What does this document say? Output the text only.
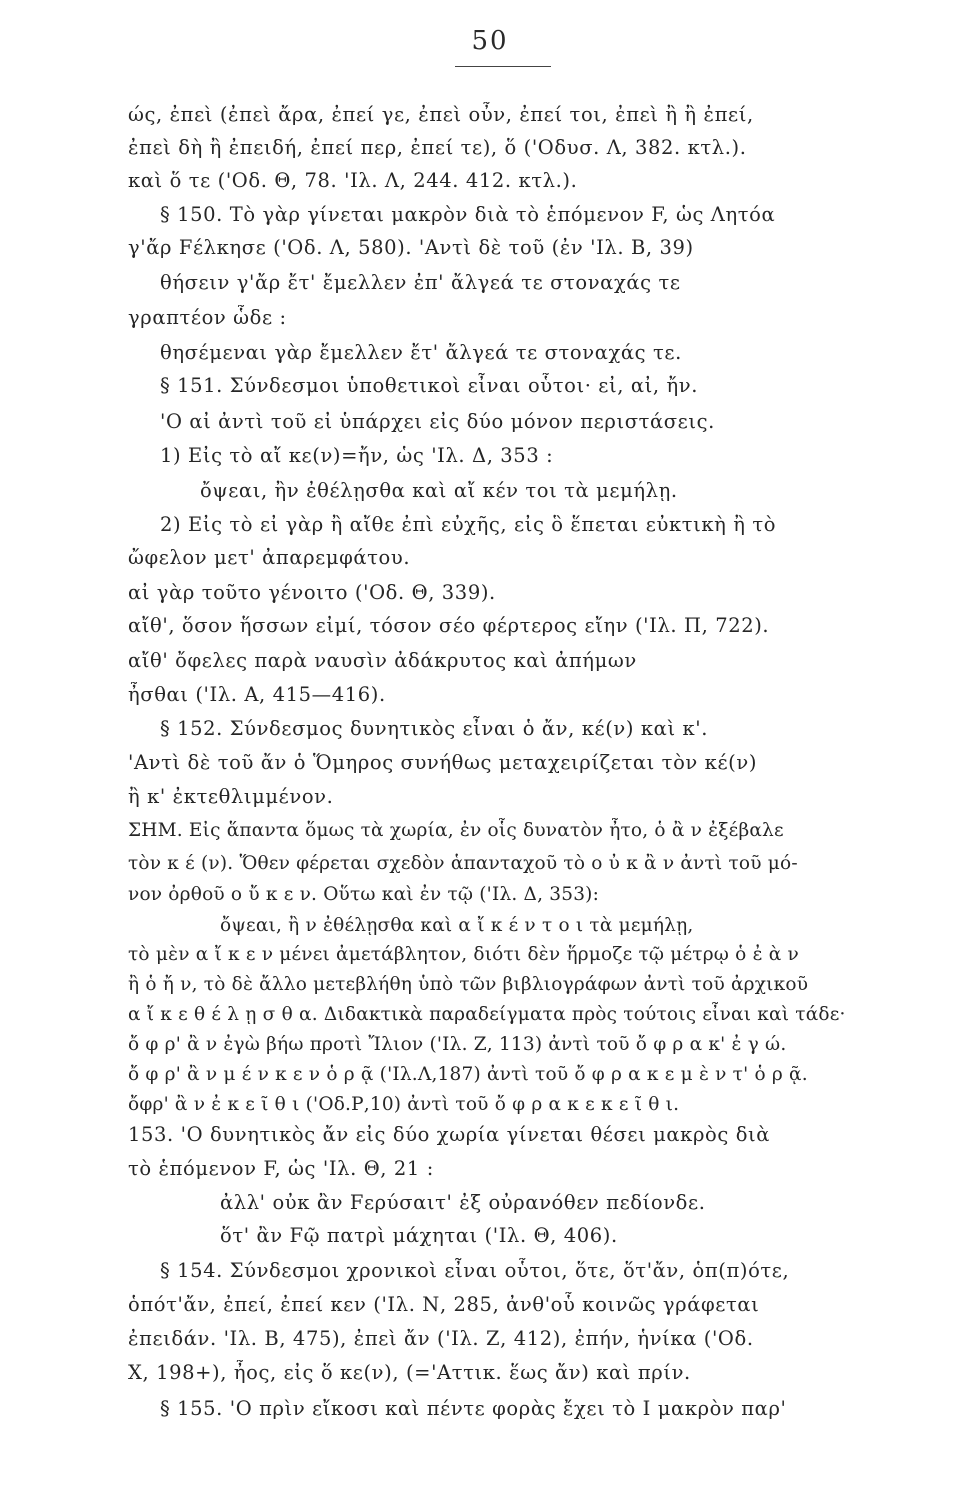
50
ώς, ἐπεὶ (ἐπεὶ ἄρα, ἐπεί γε, ἐπεὶ οὖν, ἐπεί τοι, ἐπεὶ ἢ ἢ ἐπεί,
ἐπεὶ δὴ ἢ ἐπειδή, ἐπεί περ, ἐπεί τε), ὅ ('Οδυσ. Λ, 382. κτλ.).
καὶ ὅ τε ('Οδ. Θ, 78. 'Ιλ. Λ, 244. 412. κτλ.).
§ 150. Τὸ γὰρ γίνεται μακρὸν διὰ τὸ ἑπόμενον F, ὡς Λητόα
γ'ἄρ Fέλκησε ('Οδ. Λ, 580). 'Αντὶ δὲ τοῦ (ἐν 'Ιλ. Β, 39)
θήσειν γ'ἄρ ἔτ' ἔμελλεν ἐπ' ἄλγεά τε στοναχάς τε
γραπτέον ὧδε :
θησέμεναι γὰρ ἔμελλεν ἔτ' ἄλγεά τε στοναχάς τε.
§ 151. Σύνδεσμοι ὑποθετικοὶ εἶναι οὗτοι· εἰ, αἰ, ἤν.
'Ο αἰ ἀντὶ τοῦ εἰ ὑπάρχει εἰς δύο μόνον περιστάσεις.
1) Εἰς τὸ αἴ κε(ν)=ἤν, ὡς 'Ιλ. Δ, 353 :
ὄψεαι, ἢν ἐθέλῃσθα καὶ αἴ κέν τοι τὰ μεμήλῃ.
2) Εἰς τὸ εἰ γὰρ ἢ αἴθε ἐπὶ εὐχῆς, εἰς ὃ ἕπεται εὐκτικὴ ἢ τὸ
ὤφελον μετ' ἀπαρεμφάτου.
αἰ γὰρ τοῦτο γένοιτο ('Οδ. Θ, 339).
αἴθ', ὅσον ἥσσων εἰμί, τόσον σέο φέρτερος εἴην ('Ιλ. Π, 722).
αἴθ' ὄφελες παρὰ ναυσὶν ἀδάκρυτος καὶ ἀπήμων
ἦσθαι ('Ιλ. Α, 415—416).
§ 152. Σύνδεσμος δυνητικὸς εἶναι ὁ ἄν, κέ(ν) καὶ κ'.
'Αντὶ δὲ τοῦ ἄν ὁ Ὅμηρος συνήθως μεταχειρίζεται τὸν κέ(ν)
ἢ κ' ἐκτεθλιμμένον.
ΣΗΜ. Εἰς ἅπαντα ὅμως τὰ χωρία, ἐν οἷς δυνατὸν ἦτο, ὁ ἂ ν ἐξέβαλε
τὸν κ έ (ν). Ὅθεν φέρεται σχεδὸν ἁπανταχοῦ τὸ ο ὐ κ ἂ ν ἀντὶ τοῦ μό-
νον ὀρθοῦ ο ὔ κ ε ν. Οὕτω καὶ ἐν τῷ ('Ιλ. Δ, 353):
ὄψεαι, ἢ ν ἐθέλῃσθα καὶ α ἴ κ έ ν τ ο ι τὰ μεμήλῃ,
τὸ μὲν α ἴ κ ε ν μένει ἀμετάβλητον, διότι δὲν ἥρμοζε τῷ μέτρῳ ὁ ἐ ὰ ν
ἢ ὁ ἤ ν, τὸ δὲ ἄλλο μετεβλήθη ὑπὸ τῶν βιβλιογράφων ἀντὶ τοῦ ἀρχικοῦ
α ἴ κ ε θ έ λ ῃ σ θ α. Διδακτικὰ παραδείγματα πρὸς τούτοις εἶναι καὶ τάδε·
ὄ φ ρ' ἂ ν ἐγὼ βήω προτὶ Ἴλιον ('Ιλ. Ζ, 113) ἀντὶ τοῦ ὄ φ ρ α κ' ἐ γ ώ.
ὄ φ ρ' ἂ ν μ έ ν κ ε ν ὁ ρ ᾷ ('Ιλ.Λ,187) ἀντὶ τοῦ ὄ φ ρ α κ ε μ ὲ ν τ' ὁ ρ ᾷ.
ὄφρ' ἂ ν ἐ κ ε ῖ θ ι ('Οδ.Ρ,10) ἀντὶ τοῦ ὄ φ ρ α κ ε κ ε ῖ θ ι.
153. 'Ο δυνητικὸς ἄν εἰς δύο χωρία γίνεται θέσει μακρὸς διὰ
τὸ ἑπόμενον F, ὡς 'Ιλ. Θ, 21 :
ἀλλ' οὐκ ἂν Fερύσαιτ' ἐξ οὐρανόθεν πεδίονδε.
ὅτ' ἂν Fῷ πατρὶ μάχηται ('Ιλ. Θ, 406).
§ 154. Σύνδεσμοι χρονικοὶ εἶναι οὗτοι, ὅτε, ὅτ'ἄν, ὁπ(π)ότε,
ὁπότ'ἄν, ἐπεί, ἐπεί κεν ('Ιλ. Ν, 285, ἀνθ'οὗ κοινῶς γράφεται
ἐπειδάν. 'Ιλ. Β, 475), ἐπεὶ ἄν ('Ιλ. Ζ, 412), ἐπήν, ἡνίκα ('Οδ.
Χ, 198+), ἦος, εἰς ὅ κε(ν), (='Αττικ. ἕως ἄν) καὶ πρίν.
§ 155. 'Ο πρὶν εἴκοσι καὶ πέντε φορὰς ἔχει τὸ Ι μακρὸν παρ'
